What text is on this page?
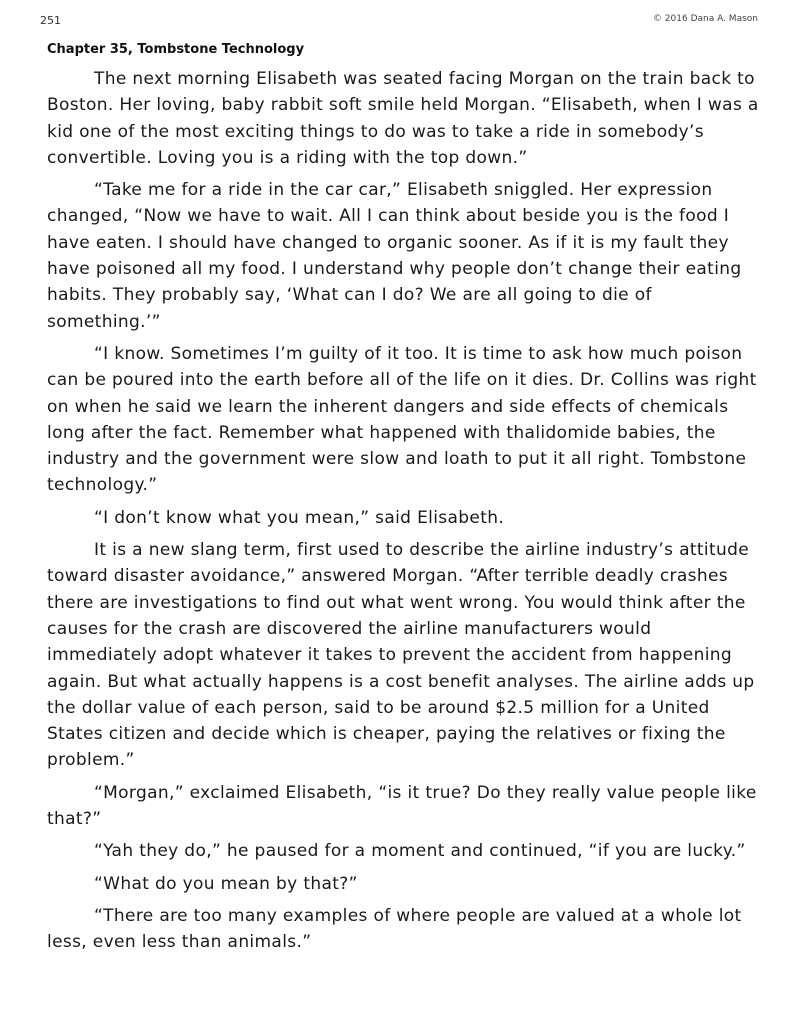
251	© 2016 Dana A. Mason
Chapter 35, Tombstone Technology

The next morning Elisabeth was seated facing Morgan on the train back to Boston. Her loving, baby rabbit soft smile held Morgan. “Elisabeth, when I was a kid one of the most exciting things to do was to take a ride in somebody’s convertible. Loving you is a riding with the top down.”

“Take me for a ride in the car car,” Elisabeth sniggled. Her expression changed, “Now we have to wait. All I can think about beside you is the food I have eaten. I should have changed to organic sooner. As if it is my fault they have poisoned all my food. I understand why people don’t change their eating habits. They probably say, ‘What can I do? We are all going to die of something.’”

“I know. Sometimes I’m guilty of it too. It is time to ask how much poison can be poured into the earth before all of the life on it dies. Dr. Collins was right on when he said we learn the inherent dangers and side effects of chemicals long after the fact. Remember what happened with thalidomide babies, the industry and the government were slow and loath to put it all right. Tombstone technology.”

“I don’t know what you mean,” said Elisabeth.

It is a new slang term, first used to describe the airline industry’s attitude toward disaster avoidance,” answered Morgan. “After terrible deadly crashes there are investigations to find out what went wrong. You would think after the causes for the crash are discovered the airline manufacturers would immediately adopt whatever it takes to prevent the accident from happening again. But what actually happens is a cost benefit analyses. The airline adds up the dollar value of each person, said to be around $2.5 million for a United States citizen and decide which is cheaper, paying the relatives or fixing the problem.”

“Morgan,” exclaimed Elisabeth, “is it true? Do they really value people like that?”

“Yah they do,” he paused for a moment and continued, “if you are lucky.”

“What do you mean by that?”

“There are too many examples of where people are valued at a whole lot less, even less than animals.”
